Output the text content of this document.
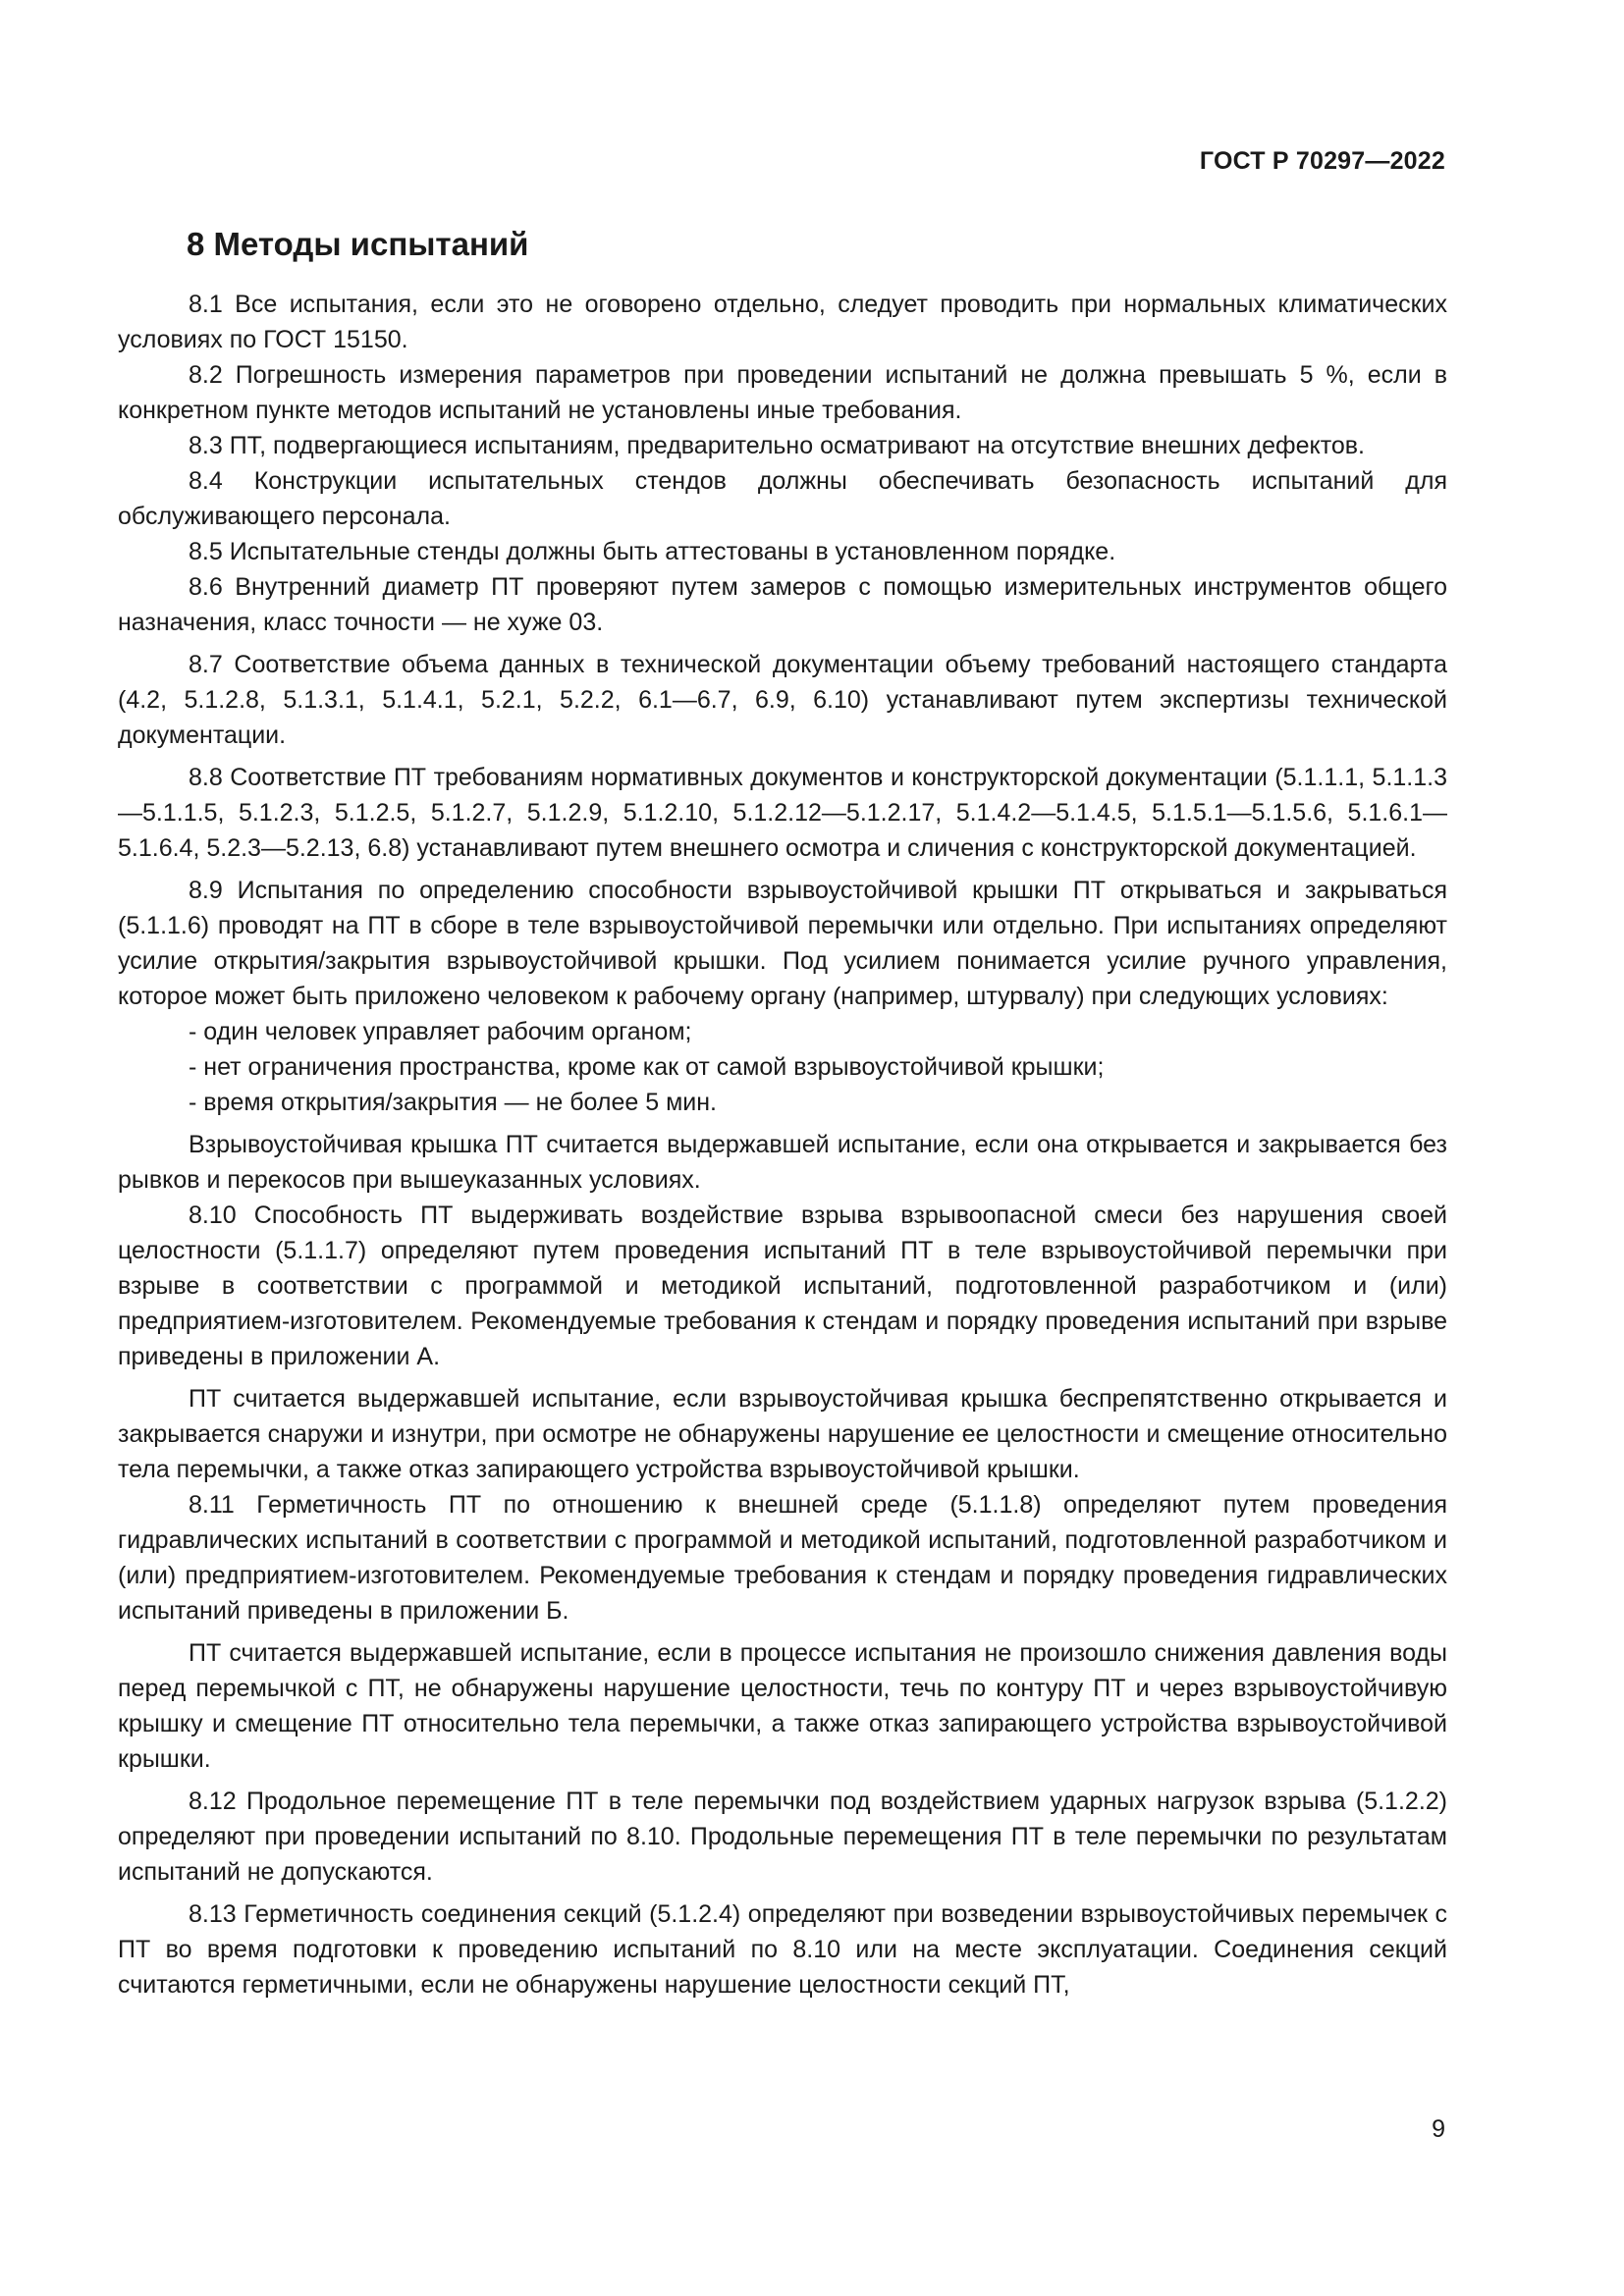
ГОСТ Р 70297—2022
8 Методы испытаний

8.1 Все испытания, если это не оговорено отдельно, следует проводить при нормальных климатических условиях по ГОСТ 15150.

8.2 Погрешность измерения параметров при проведении испытаний не должна превышать 5 %, если в конкретном пункте методов испытаний не установлены иные требования.

8.3 ПТ, подвергающиеся испытаниям, предварительно осматривают на отсутствие внешних дефектов.

8.4 Конструкции испытательных стендов должны обеспечивать безопасность испытаний для обслуживающего персонала.

8.5 Испытательные стенды должны быть аттестованы в установленном порядке.

8.6 Внутренний диаметр ПТ проверяют путем замеров с помощью измерительных инструментов общего назначения, класс точности — не хуже 03.

8.7 Соответствие объема данных в технической документации объему требований настоящего стандарта (4.2, 5.1.2.8, 5.1.3.1, 5.1.4.1, 5.2.1, 5.2.2, 6.1—6.7, 6.9, 6.10) устанавливают путем экспертизы технической документации.

8.8 Соответствие ПТ требованиям нормативных документов и конструкторской документации (5.1.1.1, 5.1.1.3—5.1.1.5, 5.1.2.3, 5.1.2.5, 5.1.2.7, 5.1.2.9, 5.1.2.10, 5.1.2.12—5.1.2.17, 5.1.4.2—5.1.4.5, 5.1.5.1—5.1.5.6, 5.1.6.1—5.1.6.4, 5.2.3—5.2.13, 6.8) устанавливают путем внешнего осмотра и сличения с конструкторской документацией.

8.9 Испытания по определению способности взрывоустойчивой крышки ПТ открываться и закрываться (5.1.1.6) проводят на ПТ в сборе в теле взрывоустойчивой перемычки или отдельно. При испытаниях определяют усилие открытия/закрытия взрывоустойчивой крышки. Под усилием понимается усилие ручного управления, которое может быть приложено человеком к рабочему органу (например, штурвалу) при следующих условиях:

- один человек управляет рабочим органом;

- нет ограничения пространства, кроме как от самой взрывоустойчивой крышки;

- время открытия/закрытия — не более 5 мин.

Взрывоустойчивая крышка ПТ считается выдержавшей испытание, если она открывается и закрывается без рывков и перекосов при вышеуказанных условиях.

8.10 Способность ПТ выдерживать воздействие взрыва взрывоопасной смеси без нарушения своей целостности (5.1.1.7) определяют путем проведения испытаний ПТ в теле взрывоустойчивой перемычки при взрыве в соответствии с программой и методикой испытаний, подготовленной разработчиком и (или) предприятием-изготовителем. Рекомендуемые требования к стендам и порядку проведения испытаний при взрыве приведены в приложении А.

ПТ считается выдержавшей испытание, если взрывоустойчивая крышка беспрепятственно открывается и закрывается снаружи и изнутри, при осмотре не обнаружены нарушение ее целостности и смещение относительно тела перемычки, а также отказ запирающего устройства взрывоустойчивой крышки.

8.11 Герметичность ПТ по отношению к внешней среде (5.1.1.8) определяют путем проведения гидравлических испытаний в соответствии с программой и методикой испытаний, подготовленной разработчиком и (или) предприятием-изготовителем. Рекомендуемые требования к стендам и порядку проведения гидравлических испытаний приведены в приложении Б.

ПТ считается выдержавшей испытание, если в процессе испытания не произошло снижения давления воды перед перемычкой с ПТ, не обнаружены нарушение целостности, течь по контуру ПТ и через взрывоустойчивую крышку и смещение ПТ относительно тела перемычки, а также отказ запирающего устройства взрывоустойчивой крышки.

8.12 Продольное перемещение ПТ в теле перемычки под воздействием ударных нагрузок взрыва (5.1.2.2) определяют при проведении испытаний по 8.10. Продольные перемещения ПТ в теле перемычки по результатам испытаний не допускаются.

8.13 Герметичность соединения секций (5.1.2.4) определяют при возведении взрывоустойчивых перемычек с ПТ во время подготовки к проведению испытаний по 8.10 или на месте эксплуатации. Соединения секций считаются герметичными, если не обнаружены нарушение целостности секций ПТ,

9
